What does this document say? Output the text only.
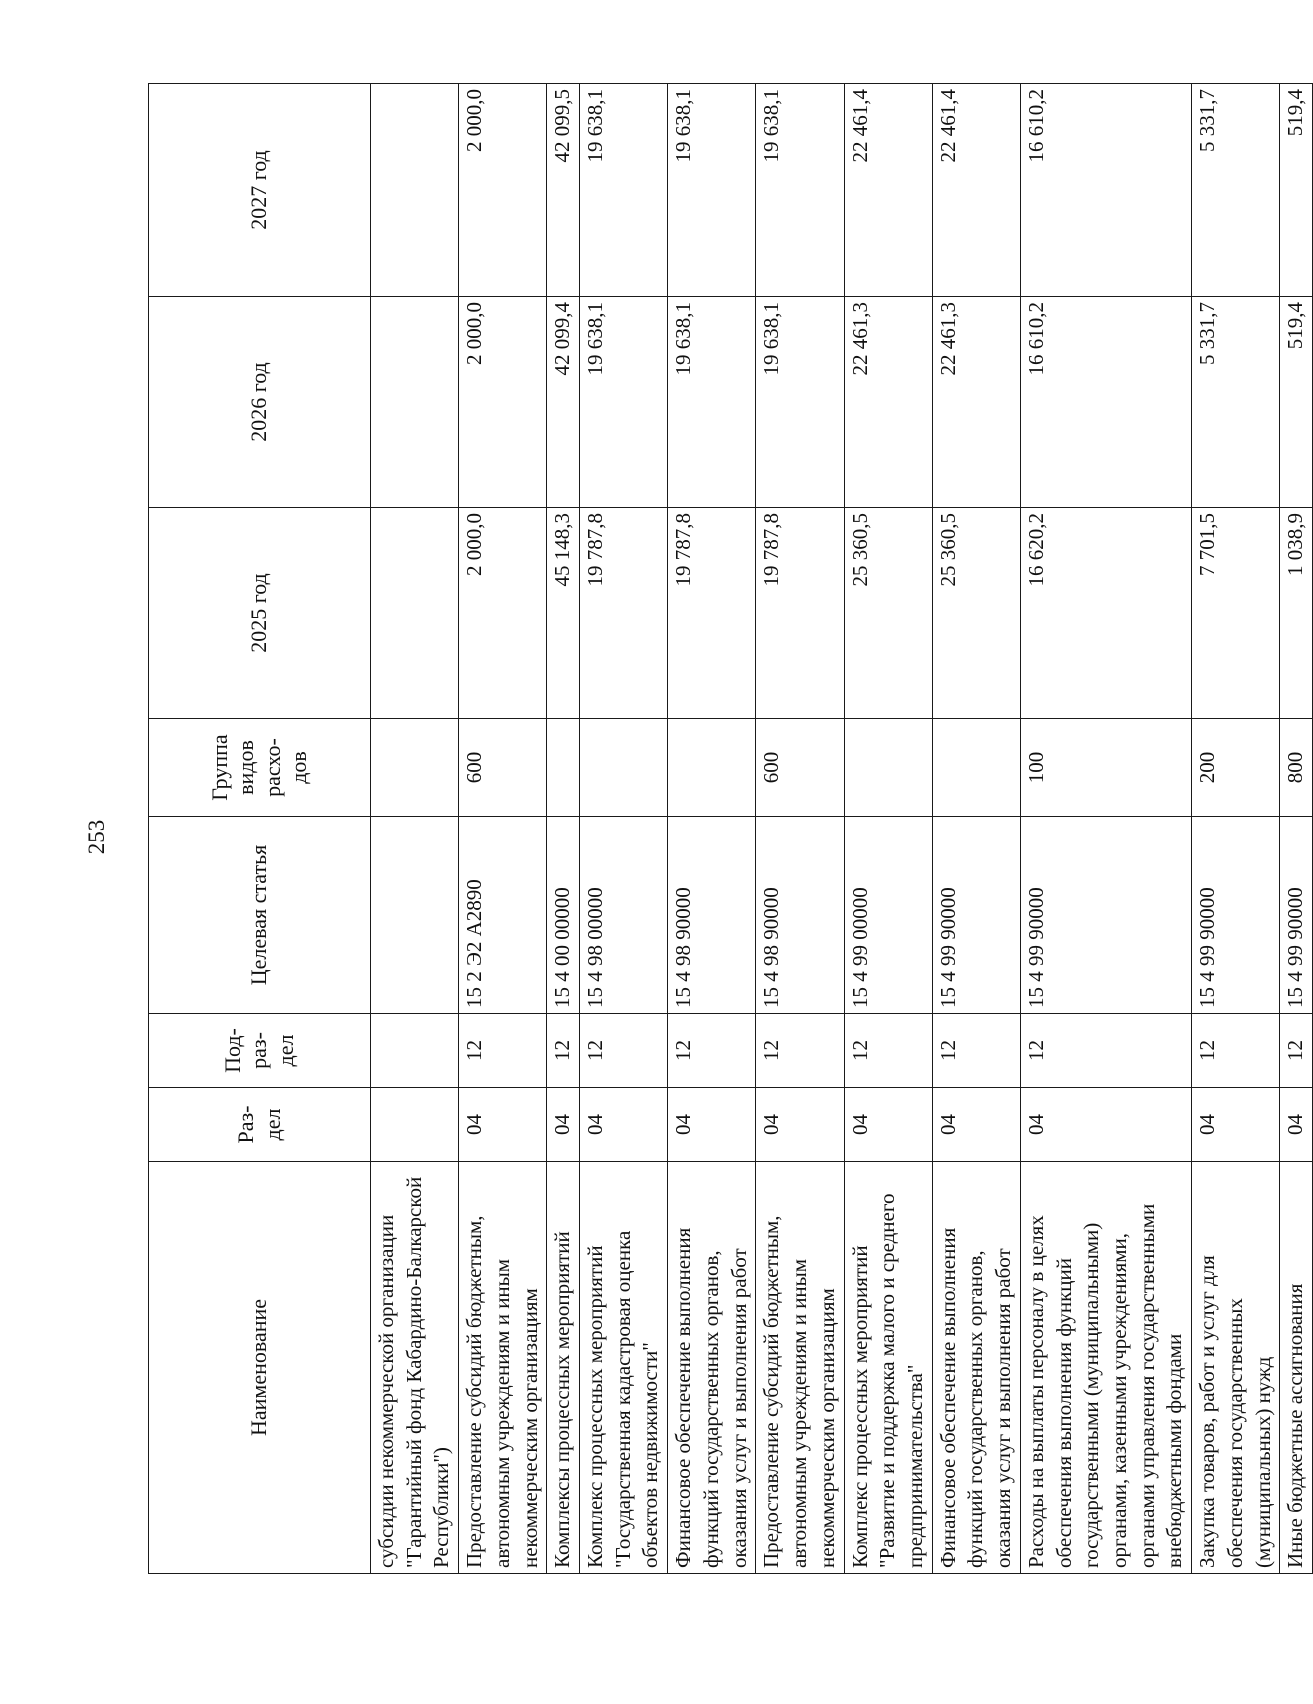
253
Наименование	Раз-дел	Под-раз-дел	Целевая статья	Группа видов расхо-дов	2025 год	2026 год	2027 год
субсидии некоммерческой организации "Гарантийный фонд Кабардино-Балкарской Республики")							
Предоставление субсидий бюджетным, автономным учреждениям и иным некоммерческим организациям	04	12	15 2 Э2 А2890	600	2 000,0	2 000,0	2 000,0
Комплексы процессных мероприятий	04	12	15 4 00 00000		45 148,3	42 099,4	42 099,5
Комплекс процессных мероприятий "Государственная кадастровая оценка объектов недвижимости"	04	12	15 4 98 00000		19 787,8	19 638,1	19 638,1
Финансовое обеспечение выполнения функций государственных органов, оказания услуг и выполнения работ	04	12	15 4 98 90000		19 787,8	19 638,1	19 638,1
Предоставление субсидий бюджетным, автономным учреждениям и иным некоммерческим организациям	04	12	15 4 98 90000	600	19 787,8	19 638,1	19 638,1
Комплекс процессных мероприятий "Развитие и поддержка малого и среднего предпринимательства"	04	12	15 4 99 00000		25 360,5	22 461,3	22 461,4
Финансовое обеспечение выполнения функций государственных органов, оказания услуг и выполнения работ	04	12	15 4 99 90000		25 360,5	22 461,3	22 461,4
Расходы на выплаты персоналу в целях обеспечения выполнения функций государственными (муниципальными) органами, казенными учреждениями, органами управления государственными внебюджетными фондами	04	12	15 4 99 90000	100	16 620,2	16 610,2	16 610,2
Закупка товаров, работ и услуг для обеспечения государственных (муниципальных) нужд	04	12	15 4 99 90000	200	7 701,5	5 331,7	5 331,7
Иные бюджетные ассигнования	04	12	15 4 99 90000	800	1 038,9	519,4	519,4
